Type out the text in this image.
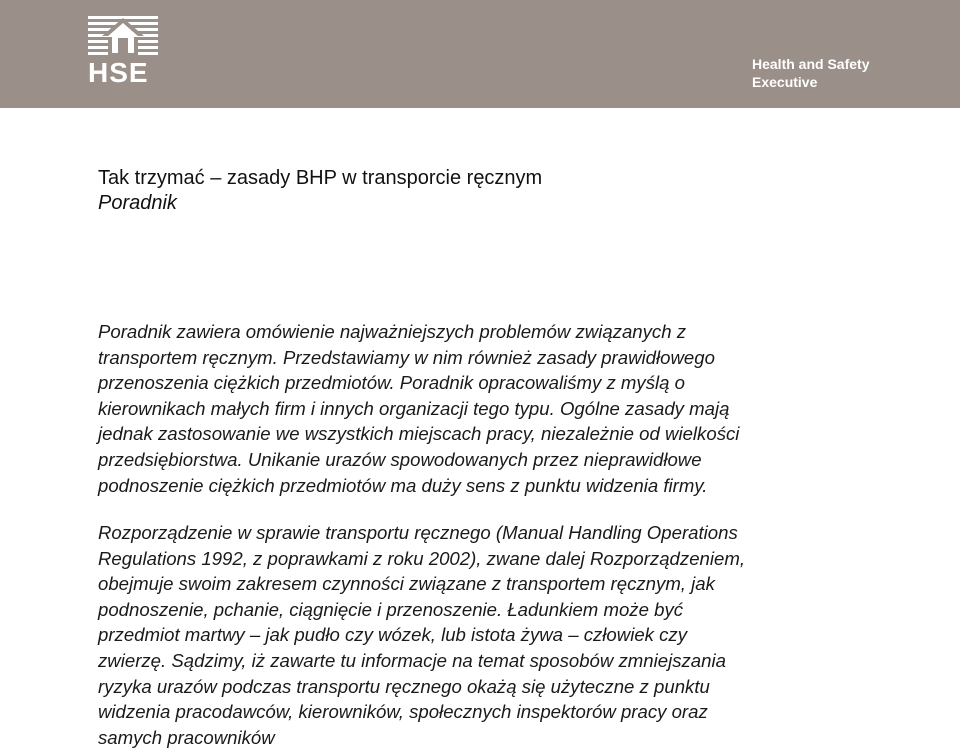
HSE	Health and Safety
Executive
Tak trzymać – zasady BHP w transporcie ręcznym
Poradnik
Poradnik zawiera omówienie najważniejszych problemów związanych z
transportem ręcznym. Przedstawiamy w nim również zasady prawidłowego
przenoszenia ciężkich przedmiotów. Poradnik opracowaliśmy z myślą o
kierownikach małych firm i innych organizacji tego typu. Ogólne zasady mają
jednak zastosowanie we wszystkich miejscach pracy, niezależnie od wielkości
przedsiębiorstwa. Unikanie urazów spowodowanych przez nieprawidłowe
podnoszenie ciężkich przedmiotów ma duży sens z punktu widzenia firmy.
Rozporządzenie w sprawie transportu ręcznego (Manual Handling Operations
Regulations 1992, z poprawkami z roku 2002), zwane dalej Rozporządzeniem,
obejmuje swoim zakresem czynności związane z transportem ręcznym, jak
podnoszenie, pchanie, ciągnięcie i przenoszenie. Ładunkiem może być
przedmiot martwy – jak pudło czy wózek, lub istota żywa – człowiek czy
zwierzę. Sądzimy, iż zawarte tu informacje na temat sposobów zmniejszania
ryzyka urazów podczas transportu ręcznego okażą się użyteczne z punktu
widzenia pracodawców, kierowników, społecznych inspektorów pracy oraz
samych pracowników
